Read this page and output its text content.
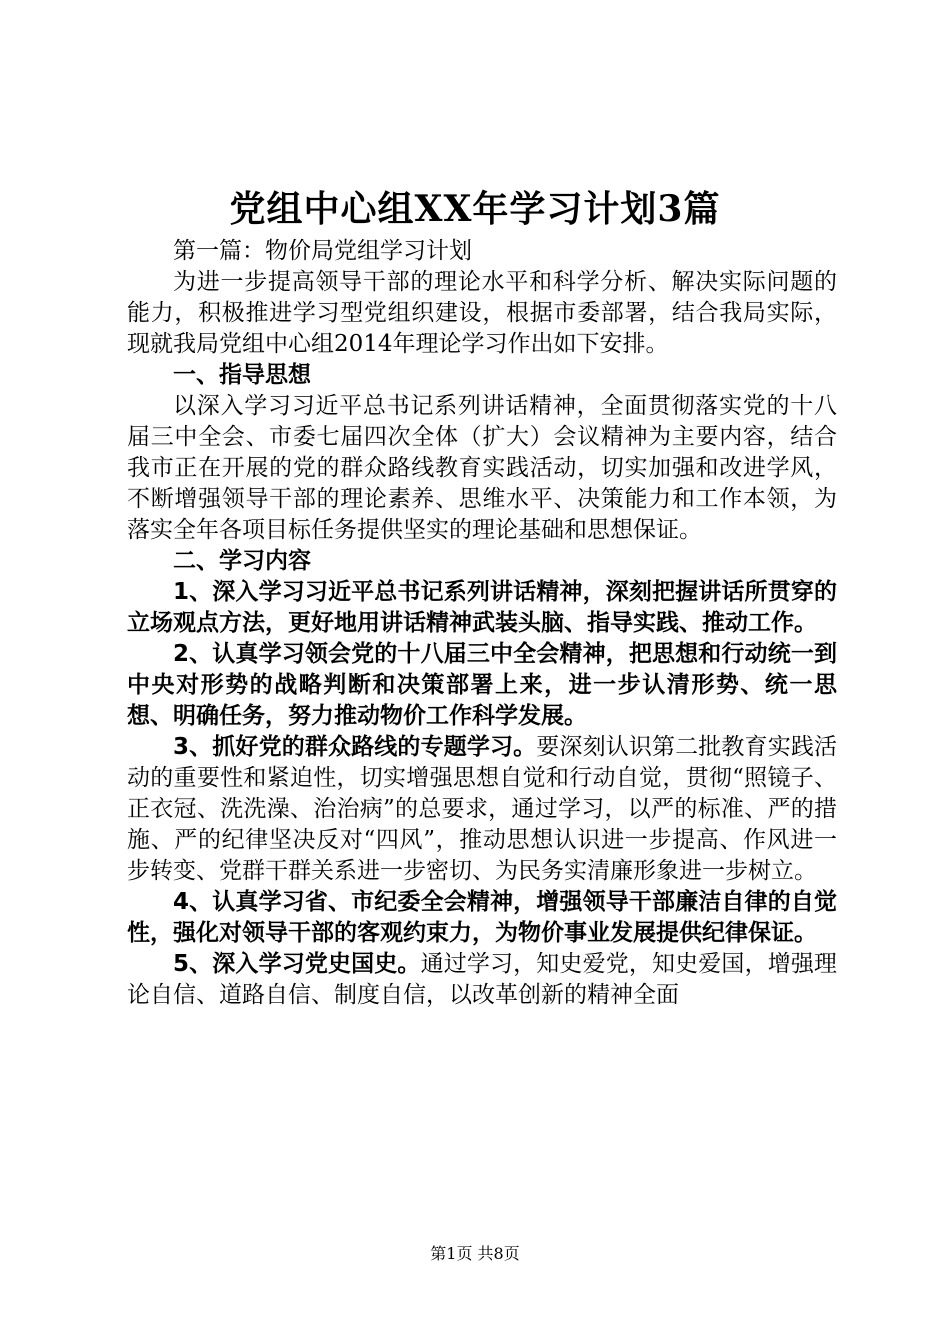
党组中心组XX年学习计划3篇

第一篇：物价局党组学习计划

为进一步提高领导干部的理论水平和科学分析、解决实际问题的能力，积极推进学习型党组织建设，根据市委部署，结合我局实际，现就我局党组中心组2014年理论学习作出如下安排。

一、指导思想

以深入学习习近平总书记系列讲话精神，全面贯彻落实党的十八届三中全会、市委七届四次全体（扩大）会议精神为主要内容，结合我市正在开展的党的群众路线教育实践活动，切实加强和改进学风，不断增强领导干部的理论素养、思维水平、决策能力和工作本领，为落实全年各项目标任务提供坚实的理论基础和思想保证。

二、学习内容

1、深入学习习近平总书记系列讲话精神，深刻把握讲话所贯穿的立场观点方法，更好地用讲话精神武装头脑、指导实践、推动工作。

2、认真学习领会党的十八届三中全会精神，把思想和行动统一到中央对形势的战略判断和决策部署上来，进一步认清形势、统一思想、明确任务，努力推动物价工作科学发展。

3、抓好党的群众路线的专题学习。要深刻认识第二批教育实践活动的重要性和紧迫性，切实增强思想自觉和行动自觉，贯彻“照镜子、正衣冠、洗洗澡、治治病”的总要求，通过学习，以严的标准、严的措施、严的纪律坚决反对“四风”，推动思想认识进一步提高、作风进一步转变、党群干群关系进一步密切、为民务实清廉形象进一步树立。

4、认真学习省、市纪委全会精神，增强领导干部廉洁自律的自觉性，强化对领导干部的客观约束力，为物价事业发展提供纪律保证。

5、深入学习党史国史。通过学习，知史爱党，知史爱国，增强理论自信、道路自信、制度自信，以改革创新的精神全面

第1页 共8页
